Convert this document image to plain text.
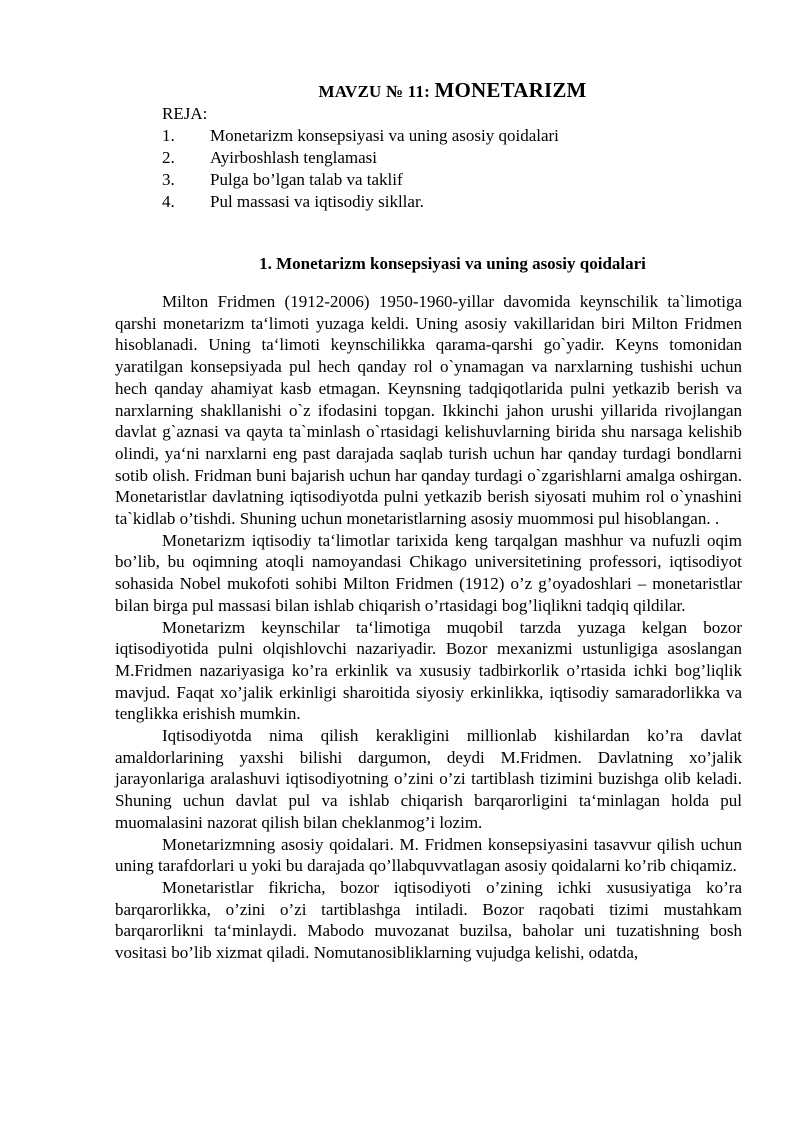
MAVZU № 11: MONETARIZM
REJA:
1. Monetarizm konsepsiyasi va uning asosiy qoidalari
2. Ayirboshlash tenglamasi
3. Pulga bo’lgan talab va taklif
4. Pul massasi va iqtisodiy sikllar.
1. Monetarizm konsepsiyasi va uning asosiy qoidalari

Milton Fridmen (1912-2006) 1950-1960-yillar davomida keynschilik ta`limotiga qarshi monetarizm ta‘limoti yuzaga keldi. Uning asosiy vakillaridan biri Milton Fridmen hisoblanadi. Uning ta‘limoti keynschilikka qarama-qarshi go`yadir. Keyns tomonidan yaratilgan konsepsiyada pul hech qanday rol o`ynamagan va narxlarning tushishi uchun hech qanday ahamiyat kasb etmagan. Keynsning tadqiqotlarida pulni yetkazib berish va narxlarning shakllanishi o`z ifodasini topgan. Ikkinchi jahon urushi yillarida rivojlangan davlat g`aznasi va qayta ta`minlash o`rtasidagi kelishuvlarning birida shu narsaga kelishib olindi, ya‘ni narxlarni eng past darajada saqlab turish uchun har qanday turdagi bondlarni sotib olish. Fridman buni bajarish uchun har qanday turdagi o`zgarishlarni amalga oshirgan. Monetaristlar davlatning iqtisodiyotda pulni yetkazib berish siyosati muhim rol o`ynashini ta`kidlab o’tishdi. Shuning uchun monetaristlarning asosiy muommosi pul hisoblangan. .

Monetarizm iqtisodiy ta‘limotlar tarixida keng tarqalgan mashhur va nufuzli oqim bo’lib, bu oqimning atoqli namoyandasi Chikago universitetining professori, iqtisodiyot sohasida Nobel mukofoti sohibi Milton Fridmen (1912) o’z g’oyadoshlari – monetaristlar bilan birga pul massasi bilan ishlab chiqarish o’rtasidagi bog’liqlikni tadqiq qildilar.

Monetarizm keynschilar ta‘limotiga muqobil tarzda yuzaga kelgan bozor iqtisodiyotida pulni olqishlovchi nazariyadir. Bozor mexanizmi ustunligiga asoslangan M.Fridmen nazariyasiga ko’ra erkinlik va xususiy tadbirkorlik o’rtasida ichki bog’liqlik mavjud. Faqat xo’jalik erkinligi sharoitida siyosiy erkinlikka, iqtisodiy samaradorlikka va tenglikka erishish mumkin.

Iqtisodiyotda nima qilish kerakligini millionlab kishilardan ko’ra davlat amaldorlarining yaxshi bilishi dargumon, deydi M.Fridmen. Davlatning xo’jalik jarayonlariga aralashuvi iqtisodiyotning o’zini o’zi tartiblash tizimini buzishga olib keladi. Shuning uchun davlat pul va ishlab chiqarish barqarorligini ta‘minlagan holda pul muomalasini nazorat qilish bilan cheklanmog’i lozim.

Monetarizmning asosiy qoidalari. M. Fridmen konsepsiyasini tasavvur qilish uchun uning tarafdorlari u yoki bu darajada qo’llabquvvatlagan asosiy qoidalarni ko’rib chiqamiz.

Monetaristlar fikricha, bozor iqtisodiyoti o’zining ichki xususiyatiga ko’ra barqarorlikka, o’zini o’zi tartiblashga intiladi. Bozor raqobati tizimi mustahkam barqarorlikni ta‘minlaydi. Mabodo muvozanat buzilsa, baholar uni tuzatishning bosh vositasi bo’lib xizmat qiladi. Nomutanosibliklarning vujudga kelishi, odatda,
